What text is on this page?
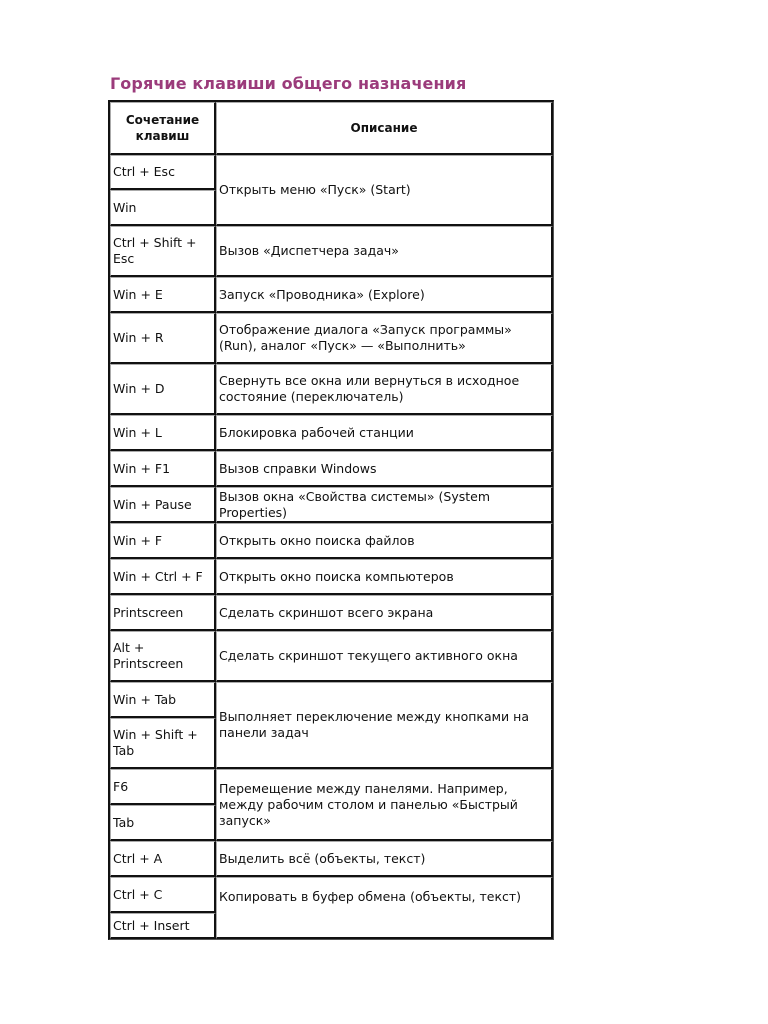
Горячие клавиши общего назначения
Сочетание клавиш	Описание
Ctrl + Esc	Открыть меню «Пуск» (Start)
Win	
Ctrl + Shift + Esc	Вызов «Диспетчера задач»
Win + E	Запуск «Проводника» (Explore)
Win + R	Отображение диалога «Запуск программы» (Run), аналог «Пуск» — «Выполнить»
Win + D	Свернуть все окна или вернуться в исходное состояние (переключатель)
Win + L	Блокировка рабочей станции
Win + F1	Вызов справки Windows
Win + Pause	Вызов окна «Свойства системы» (System Properties)
Win + F	Открыть окно поиска файлов
Win + Ctrl + F	Открыть окно поиска компьютеров
Printscreen	Сделать скриншот всего экрана
Alt + Printscreen	Сделать скриншот текущего активного окна
Win + Tab	Выполняет переключение между кнопками на панели задач
Win + Shift + Tab	
F6	Перемещение между панелями. Например, между рабочим столом и панелью «Быстрый запуск»
Tab	
Ctrl + A	Выделить всё (объекты, текст)
Ctrl + C	Копировать в буфер обмена (объекты, текст)
Ctrl + Insert	
